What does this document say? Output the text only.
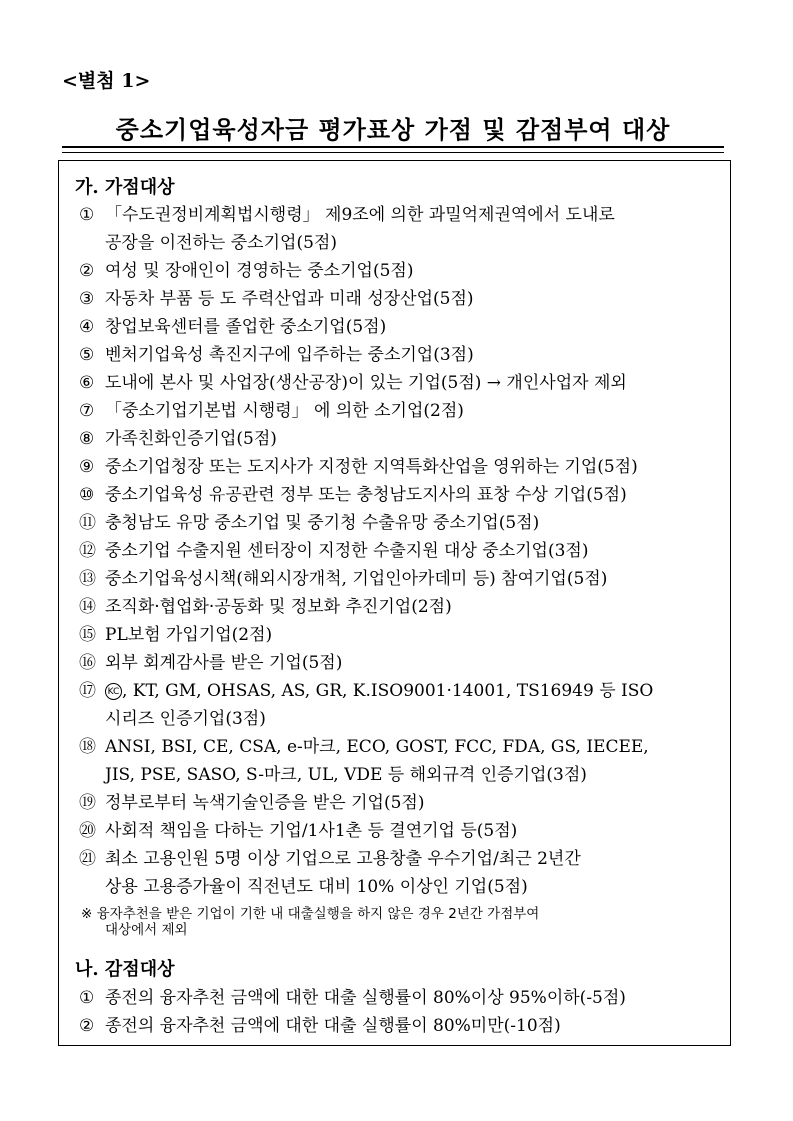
<별첨 1>
중소기업육성자금 평가표상 가점 및 감점부여 대상
가. 가점대상
① 「수도권정비계획법시행령」 제9조에 의한 과밀억제권역에서 도내로
공장을 이전하는 중소기업(5점)
② 여성 및 장애인이 경영하는 중소기업(5점)
③ 자동차 부품 등 도 주력산업과 미래 성장산업(5점)
④ 창업보육센터를 졸업한 중소기업(5점)
⑤ 벤처기업육성 촉진지구에 입주하는 중소기업(3점)
⑥ 도내에 본사 및 사업장(생산공장)이 있는 기업(5점) → 개인사업자 제외
⑦ 「중소기업기본법 시행령」 에 의한 소기업(2점)
⑧ 가족친화인증기업(5점)
⑨ 중소기업청장 또는 도지사가 지정한 지역특화산업을 영위하는 기업(5점)
⑩ 중소기업육성 유공관련 정부 또는 충청남도지사의 표창 수상 기업(5점)
⑪ 충청남도 유망 중소기업 및 중기청 수출유망 중소기업(5점)
⑫ 중소기업 수출지원 센터장이 지정한 수출지원 대상 중소기업(3점)
⑬ 중소기업육성시책(해외시장개척, 기업인아카데미 등) 참여기업(5점)
⑭ 조직화·협업화·공동화 및 정보화 추진기업(2점)
⑮ PL보험 가입기업(2점)
⑯ 외부 회계감사를 받은 기업(5점)
⑰ KC , KT, GM, OHSAS, AS, GR, K.ISO9001·14001, TS16949 등 ISO
시리즈 인증기업(3점)
⑱ ANSI, BSI, CE, CSA, e-마크, ECO, GOST, FCC, FDA, GS, IECEE,
JIS, PSE, SASO, S-마크, UL, VDE 등 해외규격 인증기업(3점)
⑲ 정부로부터 녹색기술인증을 받은 기업(5점)
⑳ 사회적 책임을 다하는 기업/1사1촌 등 결연기업 등(5점)
㉑ 최소 고용인원 5명 이상 기업으로 고용창출 우수기업/최근 2년간
상용 고용증가율이 직전년도 대비 10% 이상인 기업(5점)
※ 융자추천을 받은 기업이 기한 내 대출실행을 하지 않은 경우 2년간 가점부여
대상에서 제외
나. 감점대상
① 종전의 융자추천 금액에 대한 대출 실행률이 80%이상 95%이하(-5점)
② 종전의 융자추천 금액에 대한 대출 실행률이 80%미만(-10점)
